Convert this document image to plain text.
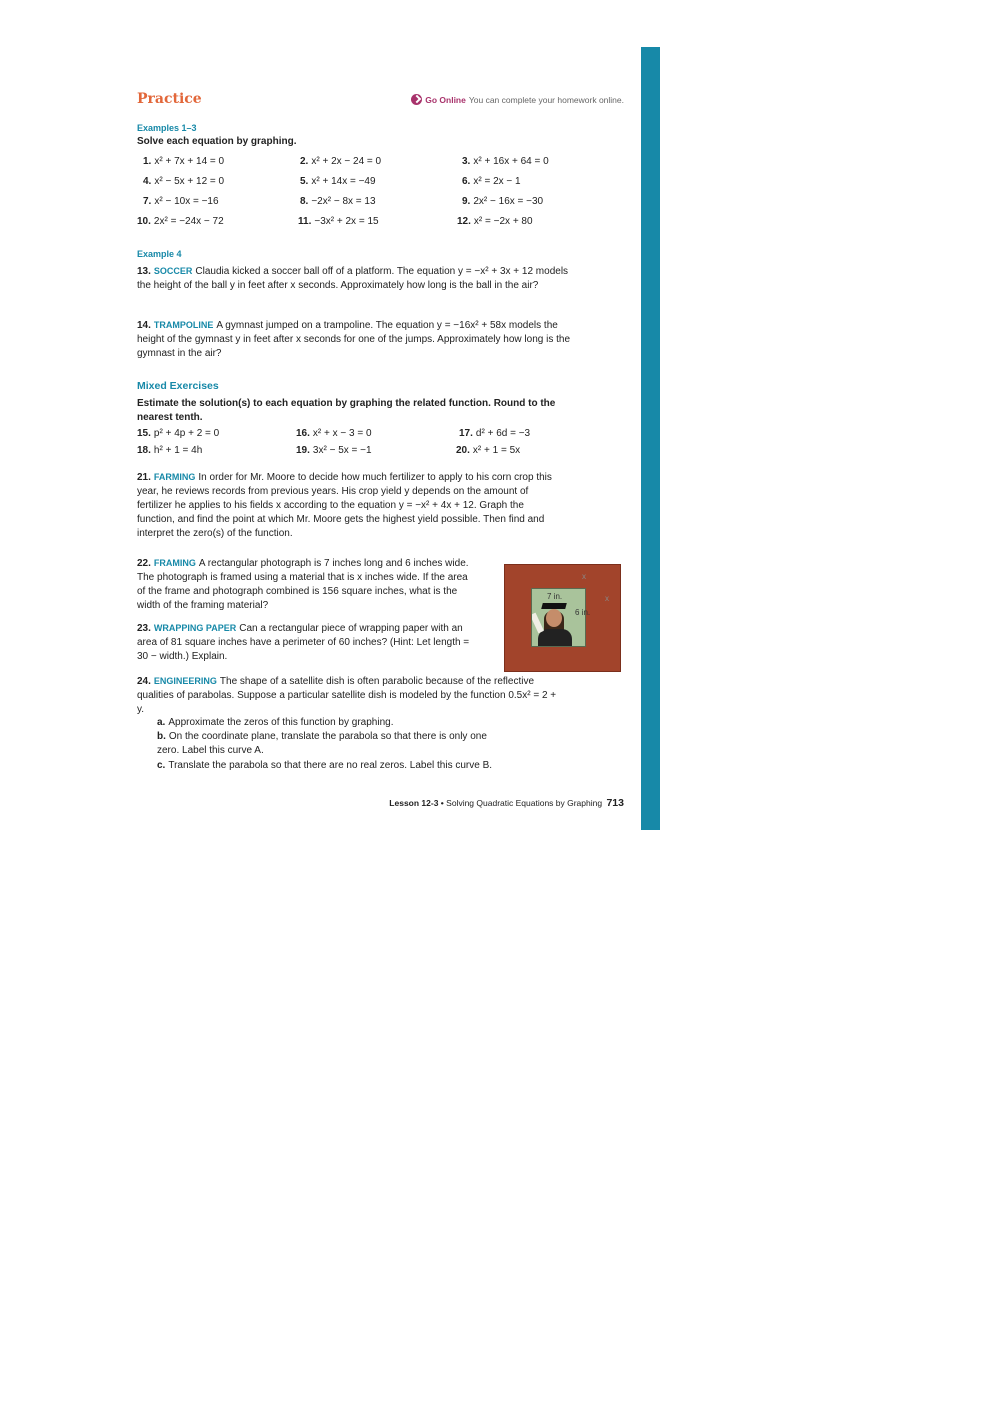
Practice	Go Online You can complete your homework online.
Examples 1–3
Solve each equation by graphing.
1. x² + 7x + 14 = 0	2. x² + 2x − 24 = 0	3. x² + 16x + 64 = 0
4. x² − 5x + 12 = 0	5. x² + 14x = −49	6. x² = 2x − 1
7. x² − 10x = −16	8. −2x² − 8x = 13	9. 2x² − 16x = −30
10. 2x² = −24x − 72	11. −3x² + 2x = 15	12. x² = −2x + 80
Example 4
13. SOCCER Claudia kicked a soccer ball off of a platform. The equation y = −x² + 3x + 12 models the height of the ball y in feet after x seconds. Approximately how long is the ball in the air?
14. TRAMPOLINE A gymnast jumped on a trampoline. The equation y = −16x² + 58x models the height of the gymnast y in feet after x seconds for one of the jumps. Approximately how long is the gymnast in the air?
Mixed Exercises
Estimate the solution(s) to each equation by graphing the related function. Round to the nearest tenth.
15. p² + 4p + 2 = 0	16. x² + x − 3 = 0	17. d² + 6d = −3
18. h² + 1 = 4h	19. 3x² − 5x = −1	20. x² + 1 = 5x
21. FARMING In order for Mr. Moore to decide how much fertilizer to apply to his corn crop this year, he reviews records from previous years. His crop yield y depends on the amount of fertilizer he applies to his fields x according to the equation y = −x² + 4x + 12. Graph the function, and find the point at which Mr. Moore gets the highest yield possible. Then find and interpret the zero(s) of the function.
22. FRAMING A rectangular photograph is 7 inches long and 6 inches wide. The photograph is framed using a material that is x inches wide. If the area of the frame and photograph combined is 156 square inches, what is the width of the framing material?
23. WRAPPING PAPER Can a rectangular piece of wrapping paper with an area of 81 square inches have a perimeter of 60 inches? (Hint: Let length = 30 − width.) Explain.
7 in.
6 in.
x
x
24. ENGINEERING The shape of a satellite dish is often parabolic because of the reflective qualities of parabolas. Suppose a particular satellite dish is modeled by the function 0.5x² = 2 + y.
a. Approximate the zeros of this function by graphing.
b. On the coordinate plane, translate the parabola so that there is only one zero. Label this curve A.
c. Translate the parabola so that there are no real zeros. Label this curve B.
Lesson 12-3 • Solving Quadratic Equations by Graphing 713
